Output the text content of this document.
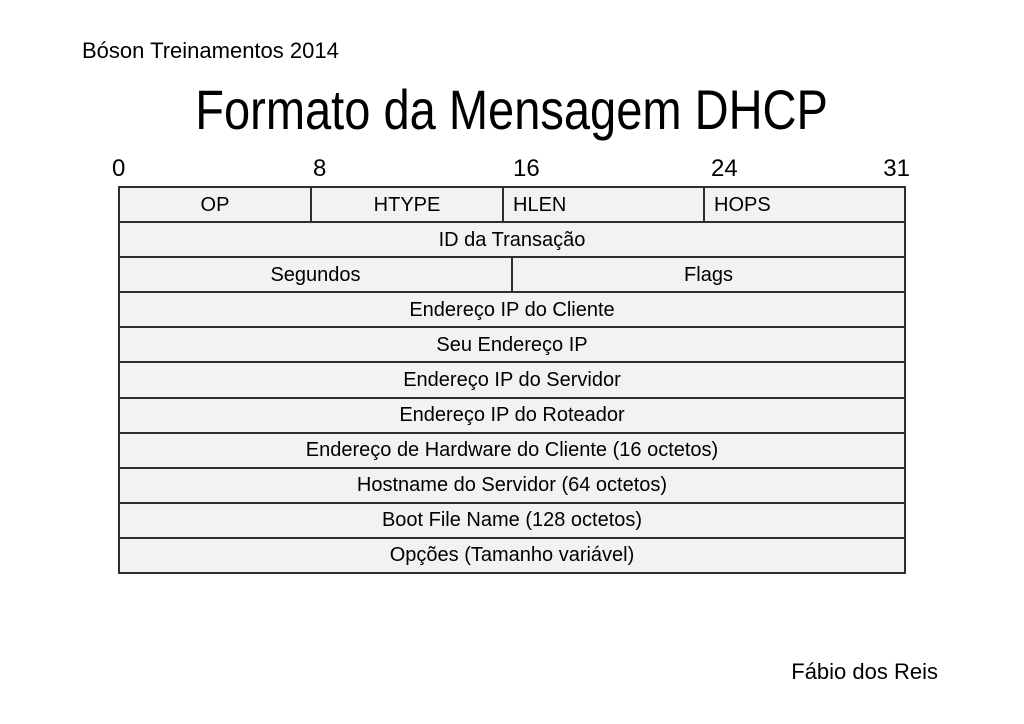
Bóson Treinamentos 2014
Formato da Mensagem DHCP
0	8	16	24	31
OP	HTYPE	HLEN	HOPS
ID da Transação
Segundos	Flags
Endereço IP do Cliente
Seu Endereço IP
Endereço IP do Servidor
Endereço IP do Roteador
Endereço de Hardware do Cliente (16 octetos)
Hostname do Servidor (64 octetos)
Boot File Name (128 octetos)
Opções (Tamanho variável)
Fábio dos Reis
